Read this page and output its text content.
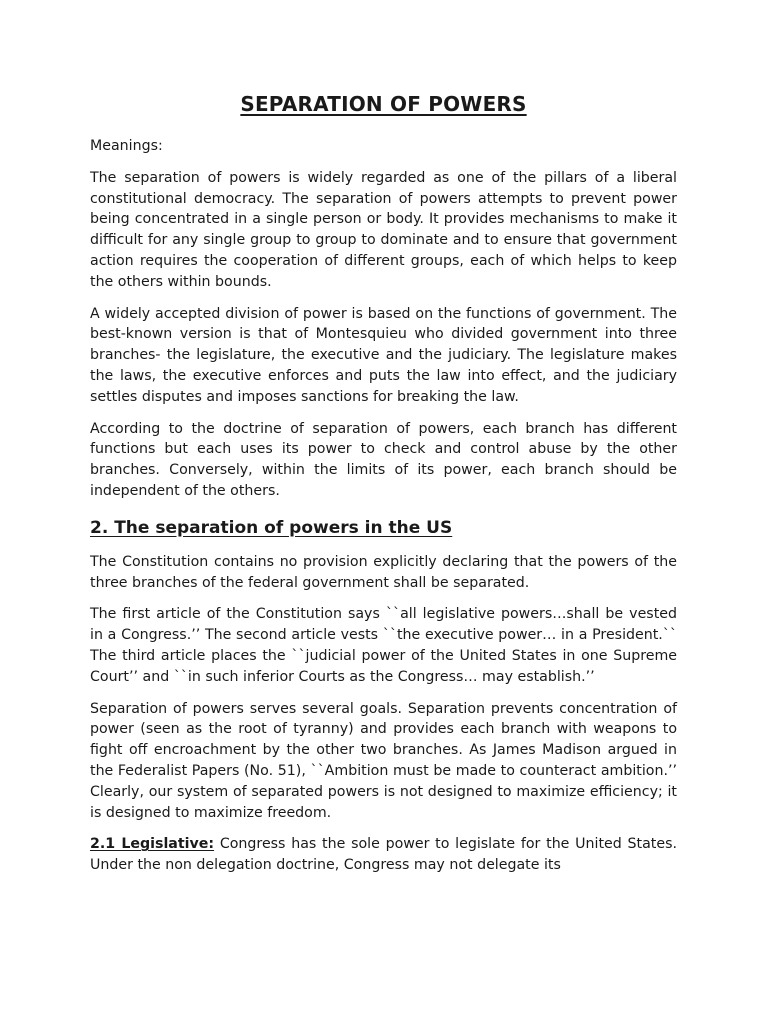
SEPARATION OF POWERS

Meanings:

The separation of powers is widely regarded as one of the pillars of a liberal constitutional democracy. The separation of powers attempts to prevent power being concentrated in a single person or body. It provides mechanisms to make it difficult for any single group to group to dominate and to ensure that government action requires the cooperation of different groups, each of which helps to keep the others within bounds.

A widely accepted division of power is based on the functions of government. The best-known version is that of Montesquieu who divided government into three branches- the legislature, the executive and the judiciary. The legislature makes the laws, the executive enforces and puts the law into effect, and the judiciary settles disputes and imposes sanctions for breaking the law.

According to the doctrine of separation of powers, each branch has different functions but each uses its power to check and control abuse by the other branches. Conversely, within the limits of its power, each branch should be independent of the others.

2. The separation of powers in the US

The Constitution contains no provision explicitly declaring that the powers of the three branches of the federal government shall be separated.

The first article of the Constitution says ``all legislative powers…shall be vested in a Congress.’’ The second article vests ``the executive power… in a President.`` The third article places the ``judicial power of the United States in one Supreme Court’’ and ``in such inferior Courts as the Congress… may establish.’’

Separation of powers serves several goals. Separation prevents concentration of power (seen as the root of tyranny) and provides each branch with weapons to fight off encroachment by the other two branches. As James Madison argued in the Federalist Papers (No. 51), ``Ambition must be made to counteract ambition.’’ Clearly, our system of separated powers is not designed to maximize efficiency; it is designed to maximize freedom.

2.1 Legislative: Congress has the sole power to legislate for the United States. Under the non delegation doctrine, Congress may not delegate its
